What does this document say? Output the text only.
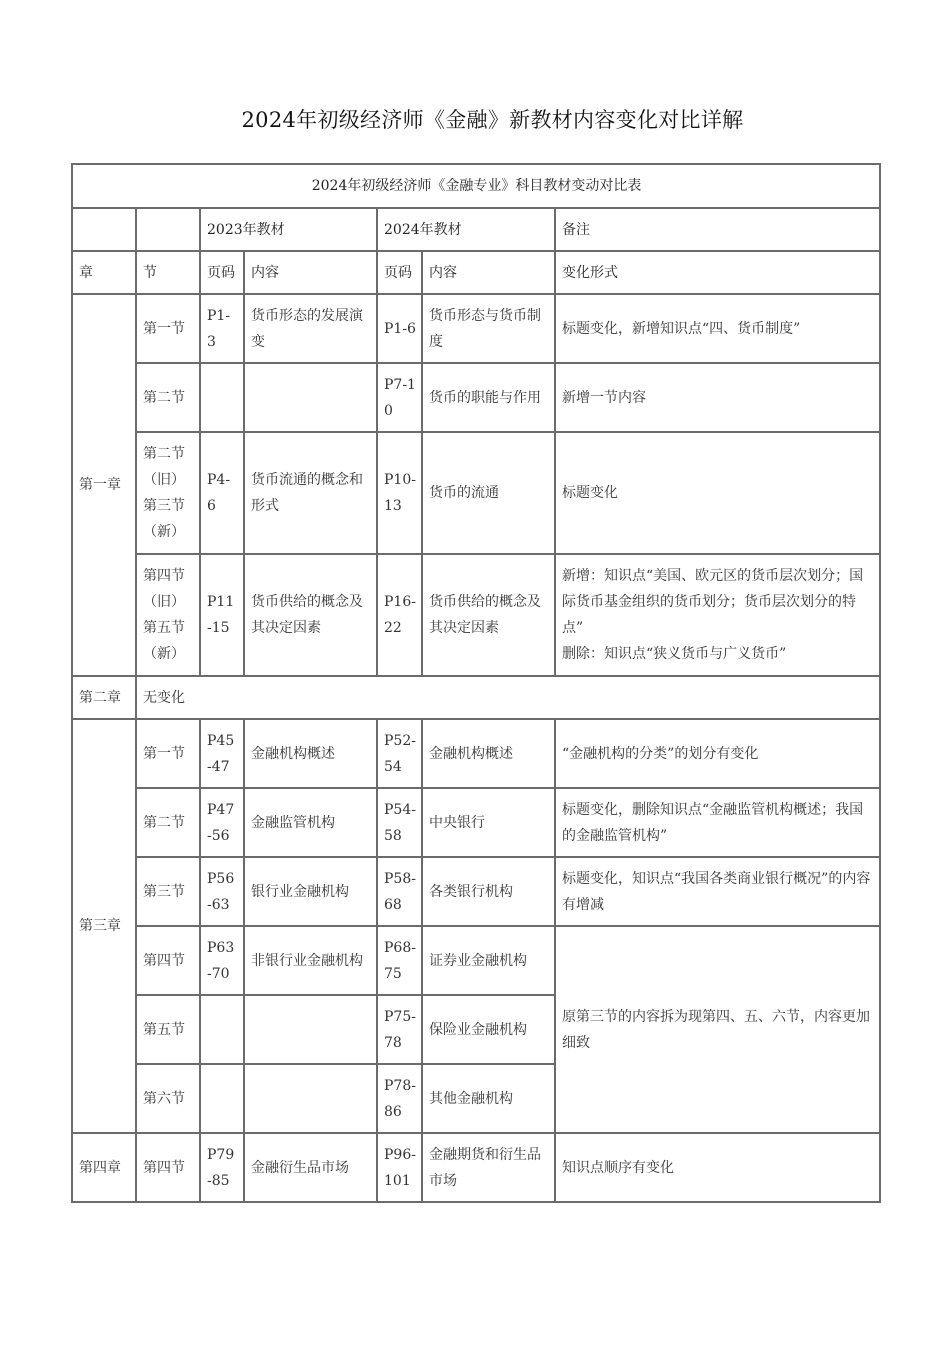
2024年初级经济师《金融》新教材内容变化对比详解
2024年初级经济师《金融专业》科目教材变动对比表						
		2023年教材		2024年教材		备注
章	节	页码	内容	页码	内容	变化形式
第一章	第一节	P1-3	货币形态的发展演变	P1-6	货币形态与货币制度	标题变化，新增知识点“四、货币制度”
	第二节			P7-10	货币的职能与作用	新增一节内容
	第二节（旧）第三节（新）	P4-6	货币流通的概念和形式	P10-13	货币的流通	标题变化
	第四节（旧）第五节（新）	P11-15	货币供给的概念及其决定因素	P16-22	货币供给的概念及其决定因素	新增：知识点“美国、欧元区的货币层次划分；国际货币基金组织的货币划分；货币层次划分的特点”
删除：知识点“狭义货币与广义货币”

第二章	无变化					
第三章	第一节	P45-47	金融机构概述	P52-54	金融机构概述	“金融机构的分类”的划分有变化
	第二节	P47-56	金融监管机构	P54-58	中央银行	标题变化，删除知识点“金融监管机构概述；我国的金融监管机构”
	第三节	P56-63	银行业金融机构	P58-68	各类银行机构	标题变化，知识点“我国各类商业银行概况”的内容有增减
	第四节	P63-70	非银行业金融机构	P68-75	证券业金融机构	原第三节的内容拆为现第四、五、六节，内容更加细致
	第五节			P75-78	保险业金融机构	
	第六节			P78-86	其他金融机构	
第四章	第四节	P79-85	金融衍生品市场	P96-101	金融期货和衍生品市场	知识点顺序有变化
